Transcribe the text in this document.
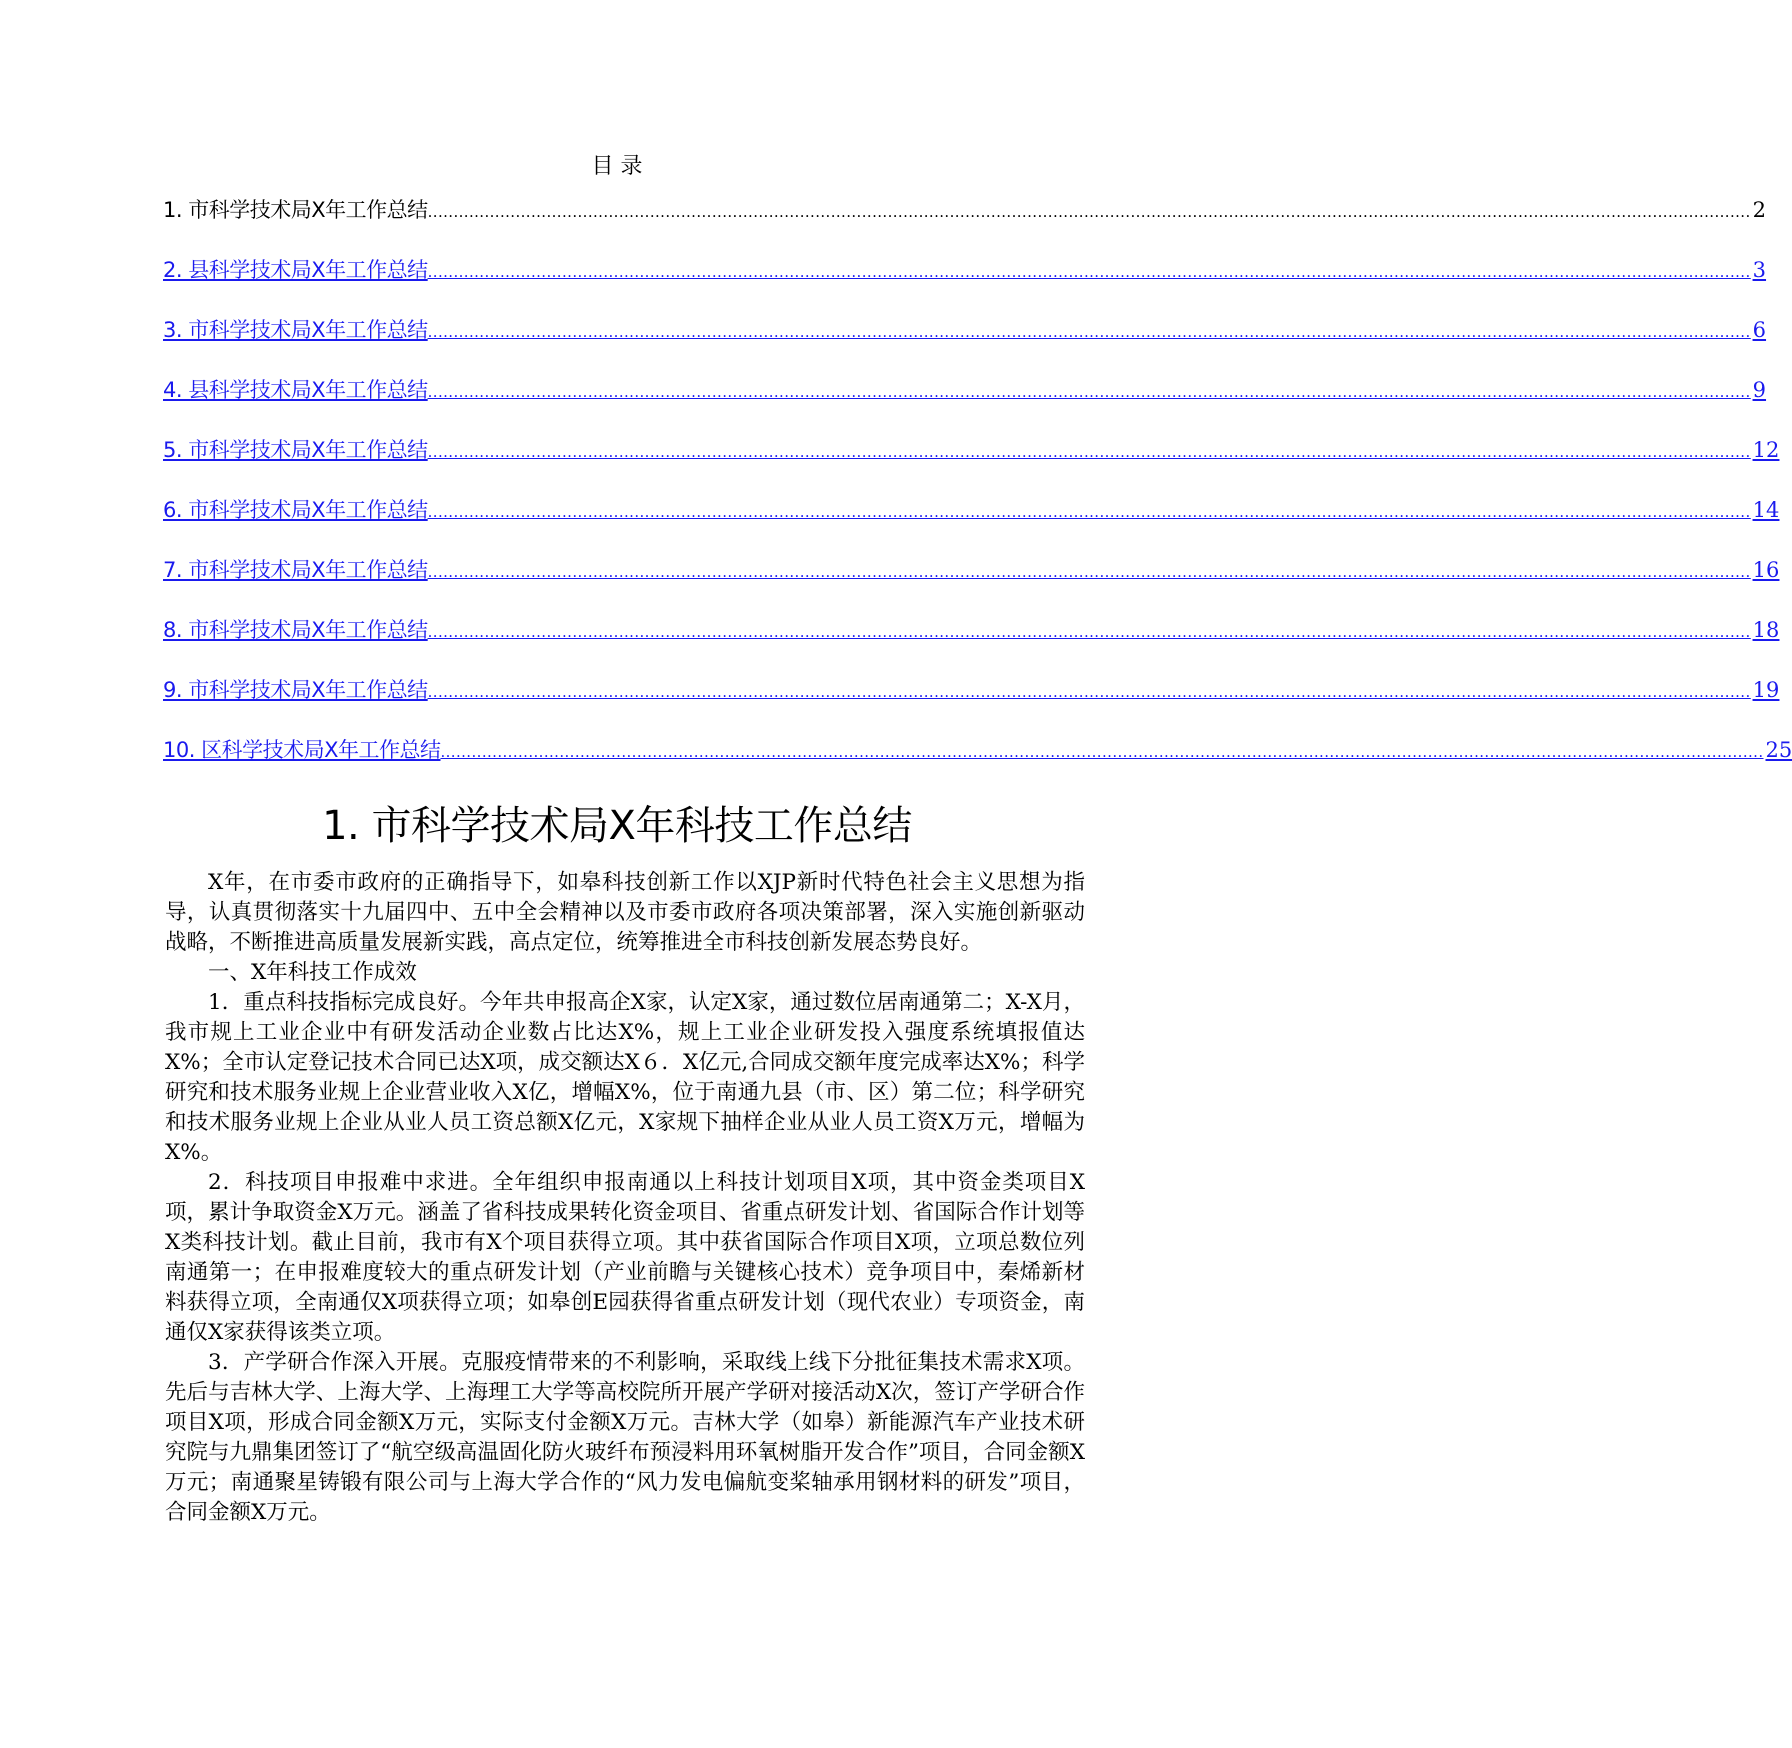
目 录
1. 市科学技术局X年工作总结 .....	2
2. 县科学技术局X年工作总结 .....	3
3. 市科学技术局X年工作总结 .....	6
4. 县科学技术局X年工作总结 .....	9
5. 市科学技术局X年工作总结 .....	12
6. 市科学技术局X年工作总结 .....	14
7. 市科学技术局X年工作总结 .....	16
8. 市科学技术局X年工作总结 .....	18
9. 市科学技术局X年工作总结 .....	19
10. 区科学技术局X年工作总结 .....	25
1. 市科学技术局X年科技工作总结

X年，在市委市政府的正确指导下，如皋科技创新工作以XJP新时代特色社会主义思想为指导，认真贯彻落实十九届四中、五中全会精神以及市委市政府各项决策部署，深入实施创新驱动战略，不断推进高质量发展新实践，高点定位，统筹推进全市科技创新发展态势良好。

一、X年科技工作成效

1．重点科技指标完成良好。今年共申报高企X家，认定X家，通过数位居南通第二；X-X月，我市规上工业企业中有研发活动企业数占比达X%，规上工业企业研发投入强度系统填报值达X%；全市认定登记技术合同已达X项，成交额达X６．X亿元,合同成交额年度完成率达X%；科学研究和技术服务业规上企业营业收入X亿，增幅X%，位于南通九县（市、区）第二位；科学研究和技术服务业规上企业从业人员工资总额X亿元，X家规下抽样企业从业人员工资X万元，增幅为X%。

2．科技项目申报难中求进。全年组织申报南通以上科技计划项目X项，其中资金类项目X项，累计争取资金X万元。涵盖了省科技成果转化资金项目、省重点研发计划、省国际合作计划等X类科技计划。截止目前，我市有X个项目获得立项。其中获省国际合作项目X项，立项总数位列南通第一；在申报难度较大的重点研发计划（产业前瞻与关键核心技术）竞争项目中，秦烯新材料获得立项，全南通仅X项获得立项；如皋创E园获得省重点研发计划（现代农业）专项资金，南通仅X家获得该类立项。

3．产学研合作深入开展。克服疫情带来的不利影响，采取线上线下分批征集技术需求X项。先后与吉林大学、上海大学、上海理工大学等高校院所开展产学研对接活动X次，签订产学研合作项目X项，形成合同金额X万元，实际支付金额X万元。吉林大学（如皋）新能源汽车产业技术研究院与九鼎集团签订了“航空级高温固化防火玻纤布预浸料用环氧树脂开发合作”项目，合同金额X万元；南通聚星铸锻有限公司与上海大学合作的“风力发电偏航变桨轴承用钢材料的研发”项目，合同金额X万元。
